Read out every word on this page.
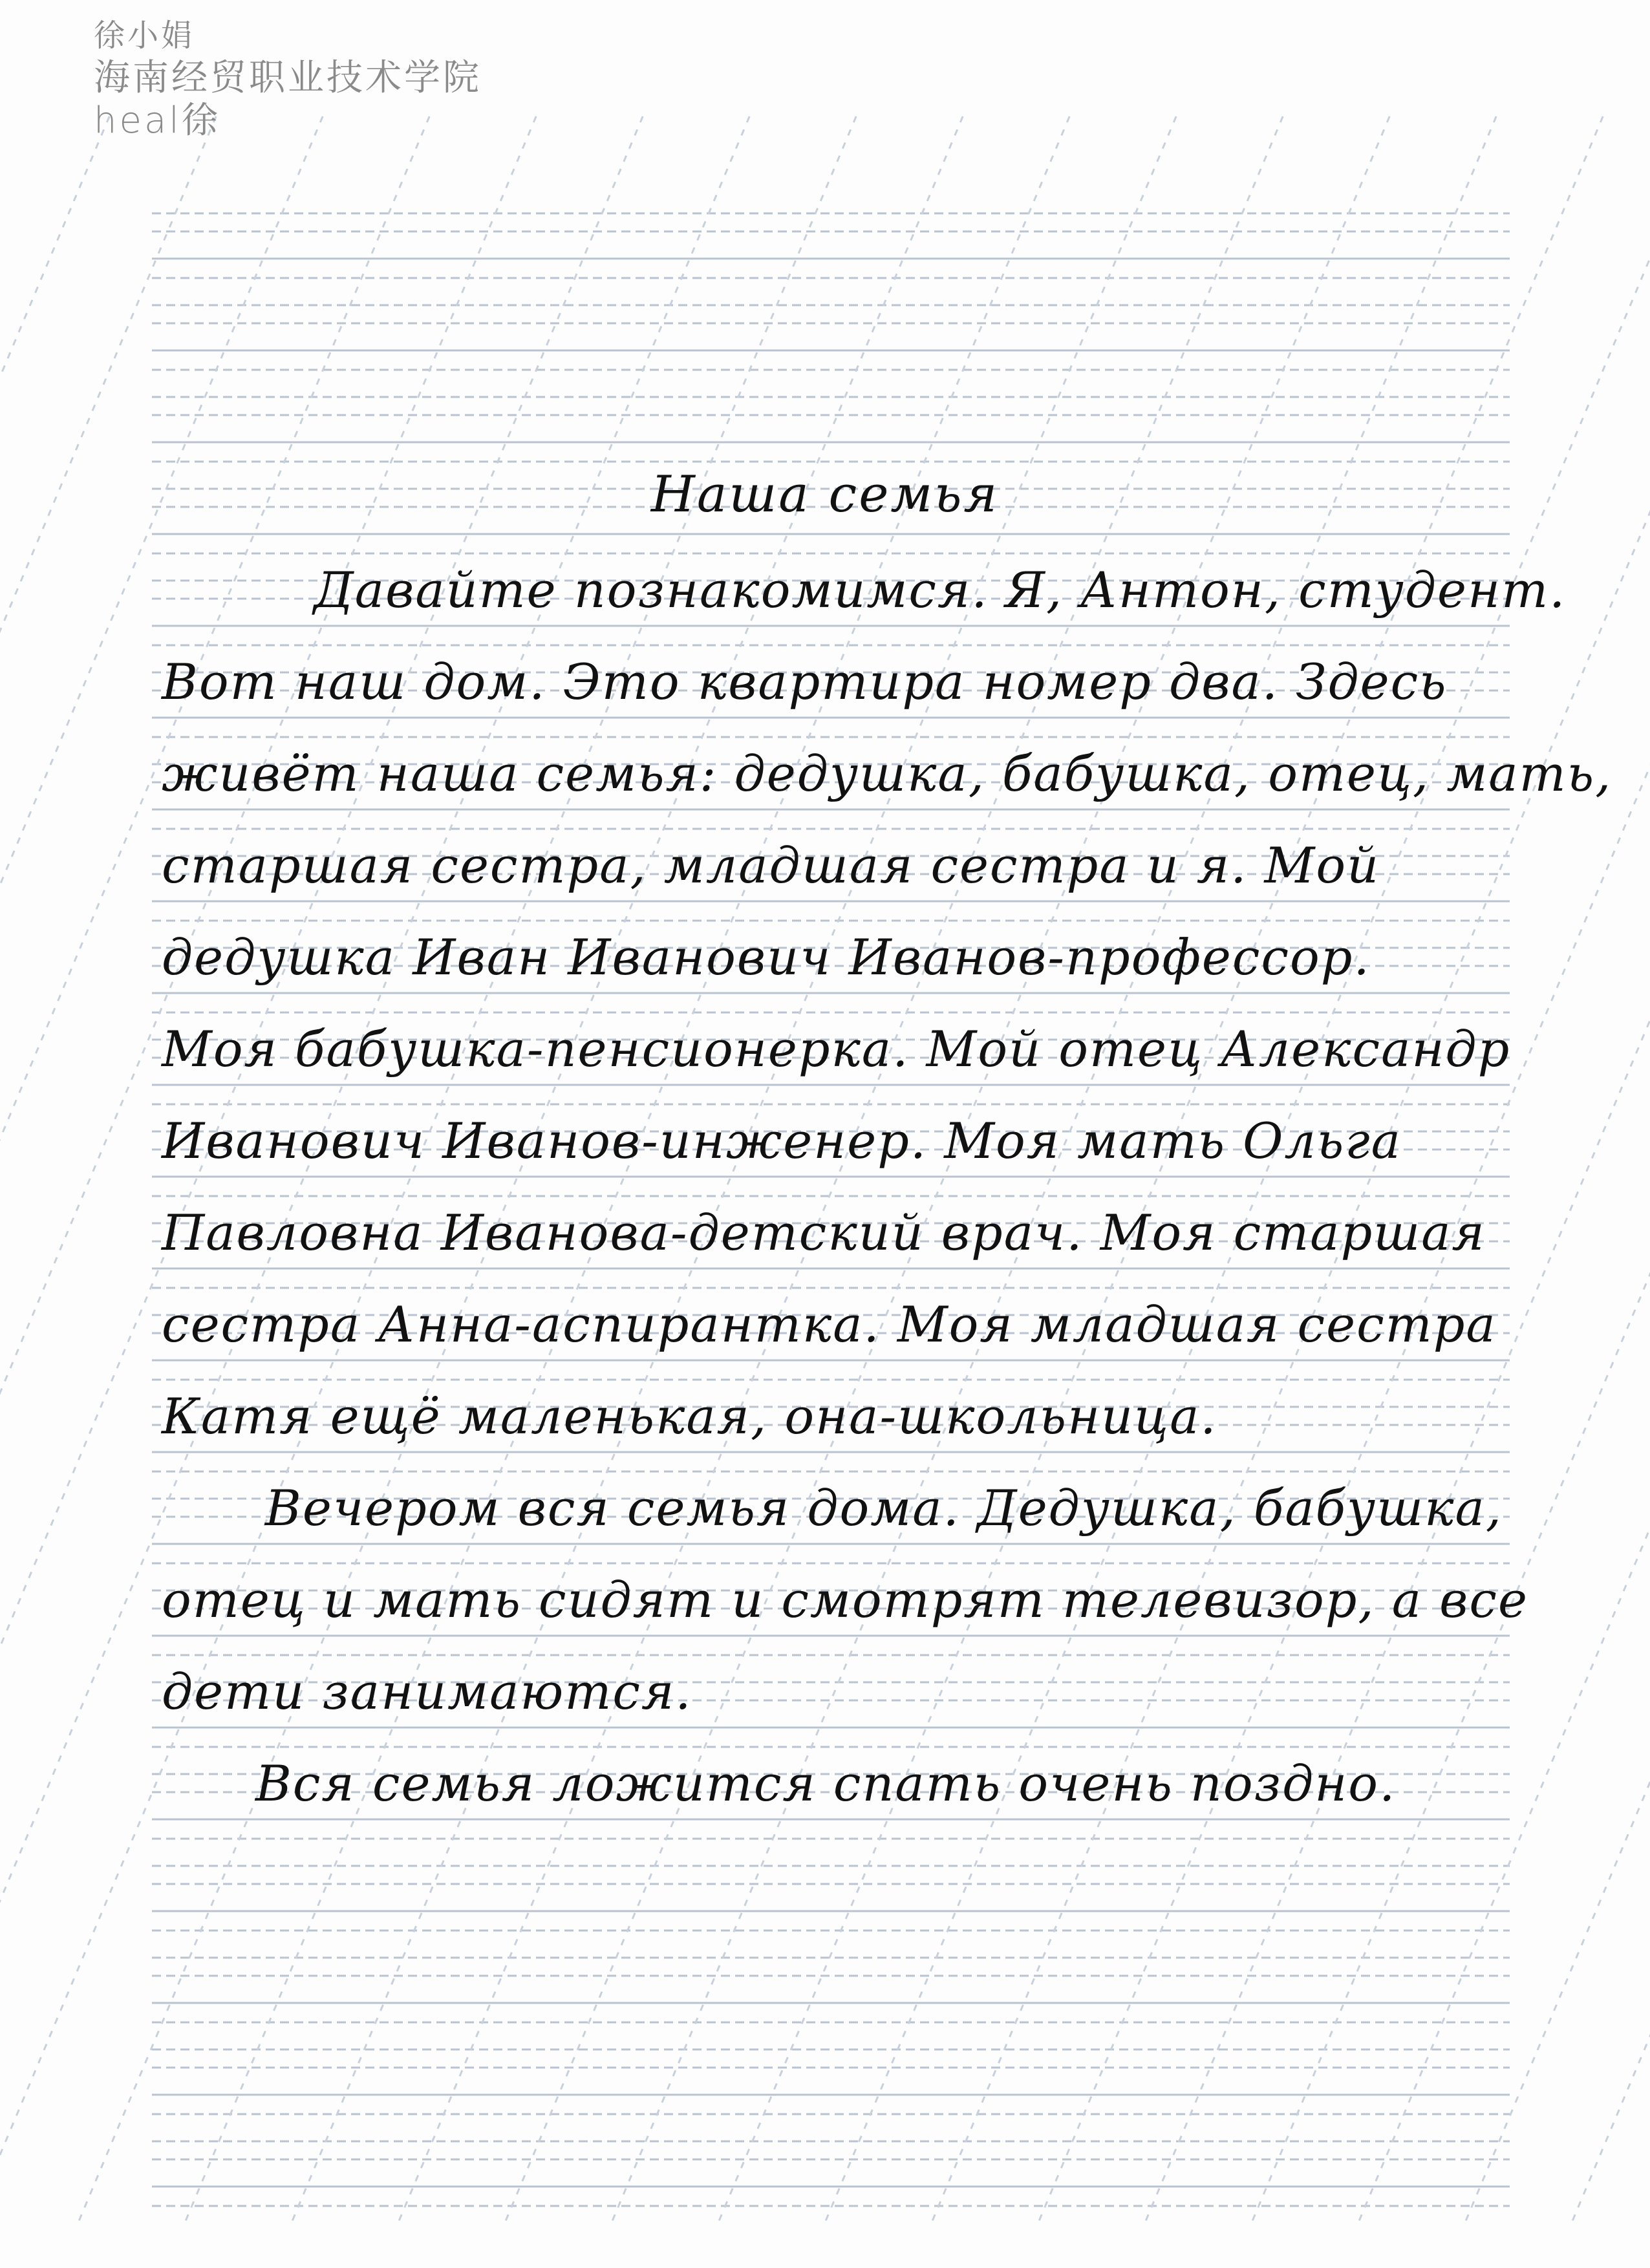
徐小娟
海南经贸职业技术学院
heal徐
Наша семья
Давайте познакомимся. Я, Антон, студент.
Вот наш дом. Это квартира номер два. Здесь
живёт наша семья: дедушка, бабушка, отец, мать,
старшая сестра, младшая сестра и я. Мой
дедушка Иван Иванович Иванов-профессор.
Моя бабушка-пенсионерка. Мой отец Александр
Иванович Иванов-инженер. Моя мать Ольга
Павловна Иванова-детский врач. Моя старшая
сестра Анна-аспирантка. Моя младшая сестра
Катя ещё маленькая, она-школьница.
Вечером вся семья дома. Дедушка, бабушка,
отец и мать сидят и смотрят телевизор, а все
дети занимаются.
Вся семья ложится спать очень поздно.
